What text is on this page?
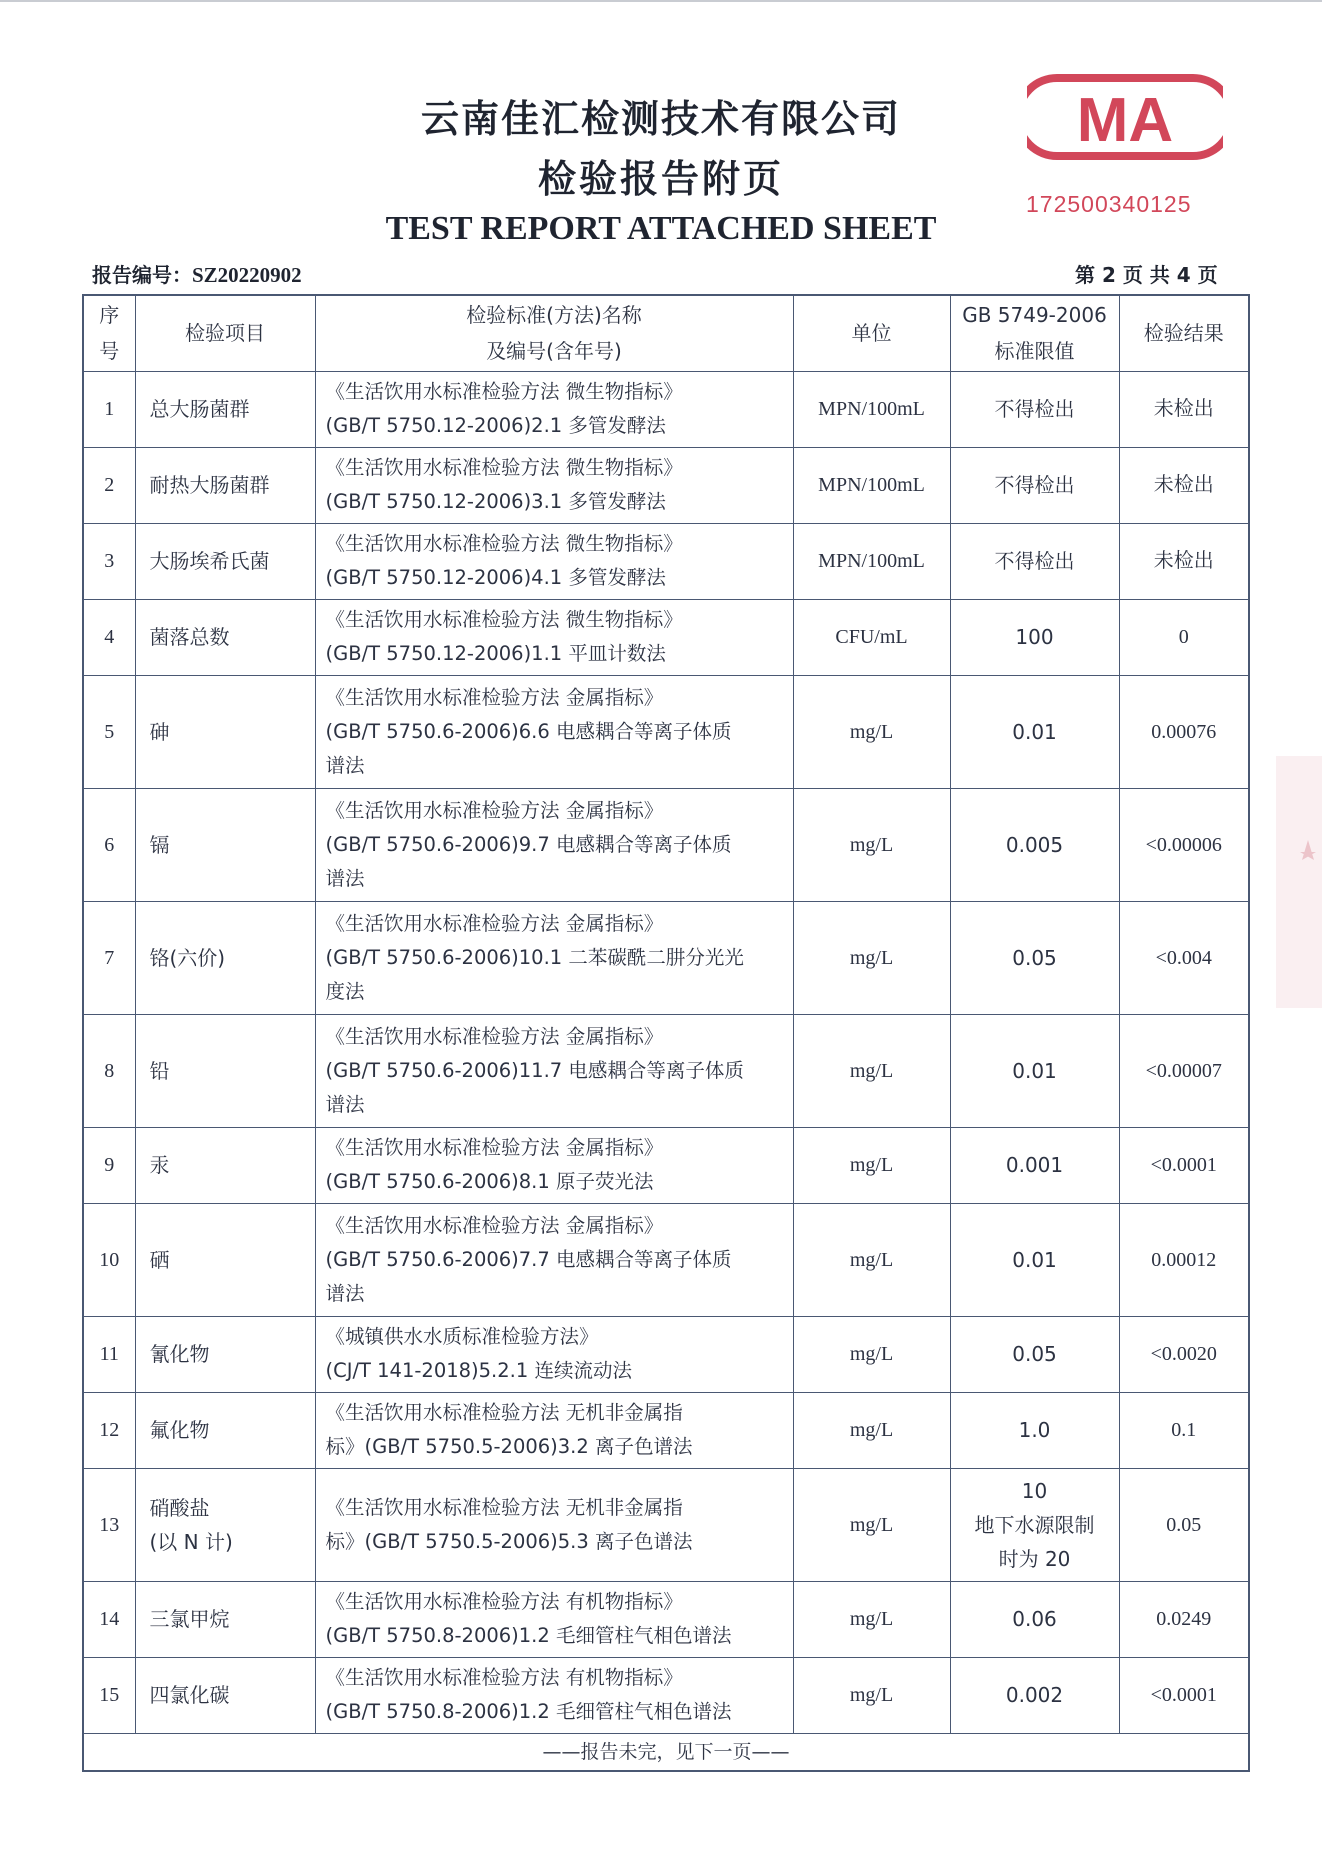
云南佳汇检测技术有限公司
检验报告附页
TEST REPORT ATTACHED SHEET
MA
172500340125
报告编号：SZ20220902	第 2 页 共 4 页
序
号	检验项目	检验标准(方法)名称
及编号(含年号)	单位	GB 5749-2006
标准限值	检验结果
1	总大肠菌群	《生活饮用水标准检验方法 微生物指标》
(GB/T 5750.12-2006)2.1 多管发酵法	MPN/100mL	不得检出	未检出
2	耐热大肠菌群	《生活饮用水标准检验方法 微生物指标》
(GB/T 5750.12-2006)3.1 多管发酵法	MPN/100mL	不得检出	未检出
3	大肠埃希氏菌	《生活饮用水标准检验方法 微生物指标》
(GB/T 5750.12-2006)4.1 多管发酵法	MPN/100mL	不得检出	未检出
4	菌落总数	《生活饮用水标准检验方法 微生物指标》
(GB/T 5750.12-2006)1.1 平皿计数法	CFU/mL	100	0
5	砷	《生活饮用水标准检验方法 金属指标》
(GB/T 5750.6-2006)6.6 电感耦合等离子体质
谱法	mg/L	0.01	0.00076
6	镉	《生活饮用水标准检验方法 金属指标》
(GB/T 5750.6-2006)9.7 电感耦合等离子体质
谱法	mg/L	0.005	<0.00006
7	铬(六价)	《生活饮用水标准检验方法 金属指标》
(GB/T 5750.6-2006)10.1 二苯碳酰二肼分光光
度法	mg/L	0.05	<0.004
8	铅	《生活饮用水标准检验方法 金属指标》
(GB/T 5750.6-2006)11.7 电感耦合等离子体质
谱法	mg/L	0.01	<0.00007
9	汞	《生活饮用水标准检验方法 金属指标》
(GB/T 5750.6-2006)8.1 原子荧光法	mg/L	0.001	<0.0001
10	硒	《生活饮用水标准检验方法 金属指标》
(GB/T 5750.6-2006)7.7 电感耦合等离子体质
谱法	mg/L	0.01	0.00012
11	氰化物	《城镇供水水质标准检验方法》
(CJ/T 141-2018)5.2.1 连续流动法	mg/L	0.05	<0.0020
12	氟化物	《生活饮用水标准检验方法 无机非金属指
标》(GB/T 5750.5-2006)3.2 离子色谱法	mg/L	1.0	0.1
13	硝酸盐
(以 N 计)	《生活饮用水标准检验方法 无机非金属指
标》(GB/T 5750.5-2006)5.3 离子色谱法	mg/L	10
地下水源限制
时为 20	0.05
14	三氯甲烷	《生活饮用水标准检验方法 有机物指标》
(GB/T 5750.8-2006)1.2 毛细管柱气相色谱法	mg/L	0.06	0.0249
15	四氯化碳	《生活饮用水标准检验方法 有机物指标》
(GB/T 5750.8-2006)1.2 毛细管柱气相色谱法	mg/L	0.002	<0.0001
——报告未完，见下一页——					
